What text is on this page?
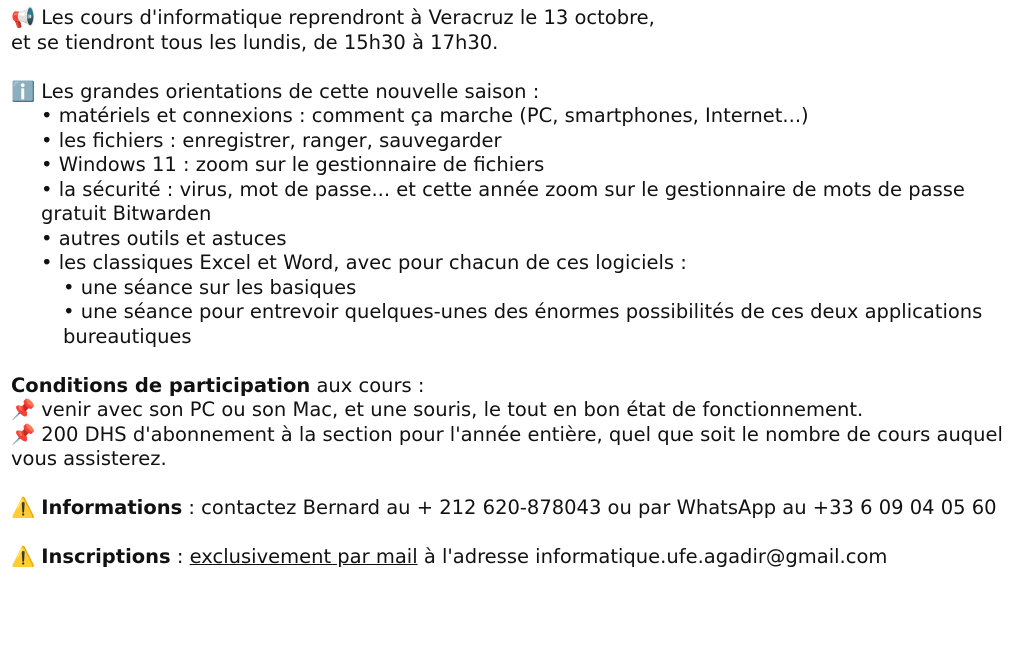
📢 Les cours d'informatique reprendront à Veracruz le 13 octobre,
et se tiendront tous les lundis, de 15h30 à 17h30.
ℹ️ Les grandes orientations de cette nouvelle saison :
• matériels et connexions : comment ça marche (PC, smartphones, Internet...)
• les fichiers : enregistrer, ranger, sauvegarder
• Windows 11 : zoom sur le gestionnaire de fichiers
• la sécurité : virus, mot de passe... et cette année zoom sur le gestionnaire de mots de passe gratuit Bitwarden
• autres outils et astuces
• les classiques Excel et Word, avec pour chacun de ces logiciels :
• une séance sur les basiques
• une séance pour entrevoir quelques-unes des énormes possibilités de ces deux applications bureautiques
Conditions de participation aux cours :
📌 venir avec son PC ou son Mac, et une souris, le tout en bon état de fonctionnement.
📌 200 DHS d'abonnement à la section pour l'année entière, quel que soit le nombre de cours auquel vous assisterez.
⚠️ Informations : contactez Bernard au + 212 620-878043 ou par WhatsApp au +33 6 09 04 05 60
⚠️ Inscriptions : exclusivement par mail à l'adresse informatique.ufe.agadir@gmail.com
